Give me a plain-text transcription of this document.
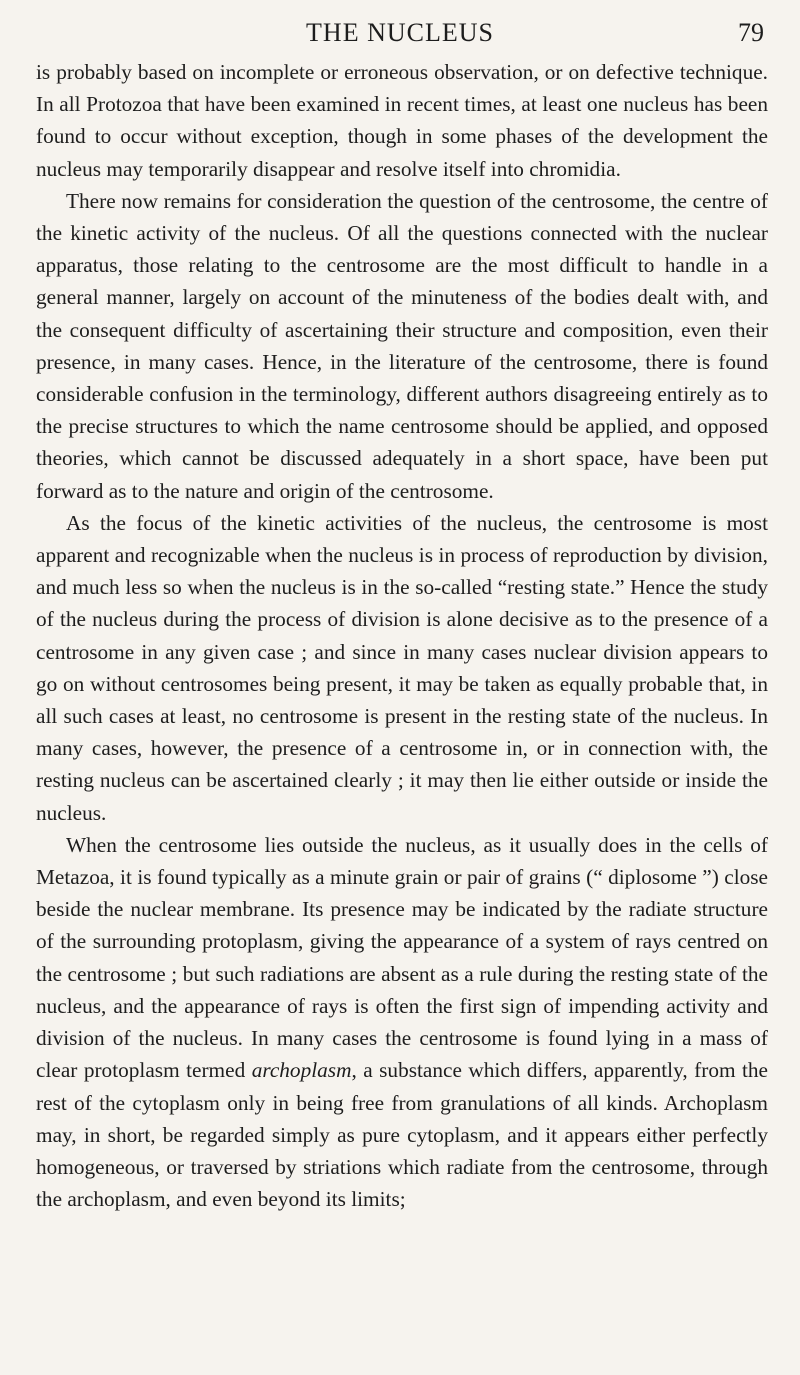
THE NUCLEUS	79

is probably based on incomplete or erroneous observation, or on defective technique. In all Protozoa that have been examined in recent times, at least one nucleus has been found to occur without exception, though in some phases of the development the nucleus may temporarily disappear and resolve itself into chromidia.

There now remains for consideration the question of the centrosome, the centre of the kinetic activity of the nucleus. Of all the questions connected with the nuclear apparatus, those relating to the centrosome are the most difficult to handle in a general manner, largely on account of the minuteness of the bodies dealt with, and the consequent difficulty of ascertaining their structure and composition, even their presence, in many cases. Hence, in the literature of the centrosome, there is found considerable confusion in the terminology, different authors disagreeing entirely as to the precise structures to which the name centrosome should be applied, and opposed theories, which cannot be discussed adequately in a short space, have been put forward as to the nature and origin of the centrosome.

As the focus of the kinetic activities of the nucleus, the centrosome is most apparent and recognizable when the nucleus is in process of reproduction by division, and much less so when the nucleus is in the so-called “resting state.” Hence the study of the nucleus during the process of division is alone decisive as to the presence of a centrosome in any given case ; and since in many cases nuclear division appears to go on without centrosomes being present, it may be taken as equally probable that, in all such cases at least, no centrosome is present in the resting state of the nucleus. In many cases, however, the presence of a centrosome in, or in connection with, the resting nucleus can be ascertained clearly ; it may then lie either outside or inside the nucleus.

When the centrosome lies outside the nucleus, as it usually does in the cells of Metazoa, it is found typically as a minute grain or pair of grains (“ diplosome ”) close beside the nuclear membrane. Its presence may be indicated by the radiate structure of the surrounding protoplasm, giving the appearance of a system of rays centred on the centrosome ; but such radiations are absent as a rule during the resting state of the nucleus, and the appearance of rays is often the first sign of impending activity and division of the nucleus. In many cases the centrosome is found lying in a mass of clear protoplasm termed archoplasm, a substance which differs, apparently, from the rest of the cytoplasm only in being free from granulations of all kinds. Archoplasm may, in short, be regarded simply as pure cytoplasm, and it appears either perfectly homogeneous, or traversed by striations which radiate from the centrosome, through the archoplasm, and even beyond its limits;
